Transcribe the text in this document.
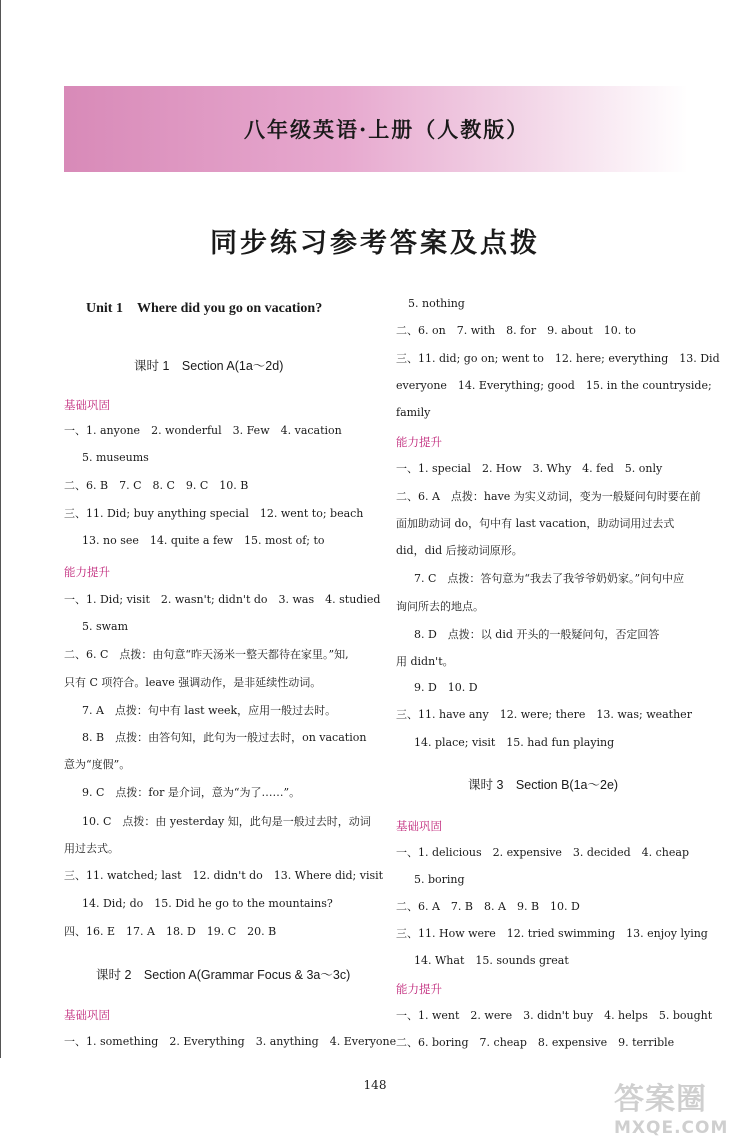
八年级英语·上册（人教版）
同步练习参考答案及点拨
Unit 1　Where did you go on vacation?
课时 1　Section A(1a～2d)
基础巩固
一、1. anyone　2. wonderful　3. Few　4. vacation
5. museums
二、6. B　7. C　8. C　9. C　10. B
三、11. Did; buy anything special　12. went to; beach
13. no see　14. quite a few　15. most of; to
能力提升
一、1. Did; visit　2. wasn't; didn't do　3. was　4. studied
5. swam
二、6. C　点拨：由句意“昨天汤米一整天都待在家里。”知,
只有 C 项符合。leave 强调动作，是非延续性动词。
7. A　点拨：句中有 last week，应用一般过去时。
8. B　点拨：由答句知，此句为一般过去时，on vacation
意为“度假”。
9. C　点拨：for 是介词，意为“为了……”。
10. C　点拨：由 yesterday 知，此句是一般过去时，动词
用过去式。
三、11. watched; last　12. didn't do　13. Where did; visit
14. Did; do　15. Did he go to the mountains?
四、16. E　17. A　18. D　19. C　20. B
课时 2　Section A(Grammar Focus & 3a～3c)
基础巩固
一、1. something　2. Everything　3. anything　4. Everyone
5. nothing
二、6. on　7. with　8. for　9. about　10. to
三、11. did; go on; went to　12. here; everything　13. Did
everyone　14. Everything; good　15. in the countryside;
family
能力提升
一、1. special　2. How　3. Why　4. fed　5. only
二、6. A　点拨：have 为实义动词，变为一般疑问句时要在前
面加助动词 do，句中有 last vacation，助动词用过去式
did，did 后接动词原形。
7. C　点拨：答句意为“我去了我爷爷奶奶家。”问句中应
询问所去的地点。
8. D　点拨：以 did 开头的一般疑问句，否定回答
用 didn't。
9. D　10. D
三、11. have any　12. were; there　13. was; weather
14. place; visit　15. had fun playing
课时 3　Section B(1a～2e)
基础巩固
一、1. delicious　2. expensive　3. decided　4. cheap
5. boring
二、6. A　7. B　8. A　9. B　10. D
三、11. How were　12. tried swimming　13. enjoy lying
14. What　15. sounds great
能力提升
一、1. went　2. were　3. didn't buy　4. helps　5. bought
二、6. boring　7. cheap　8. expensive　9. terrible
148	答案圈
MXQE.COM
